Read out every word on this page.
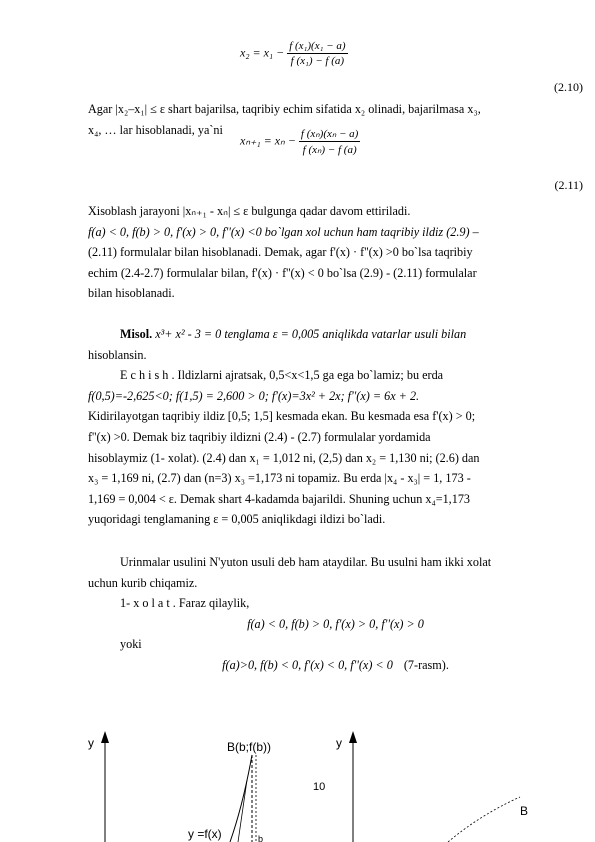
$x_2 = x_1 - \frac{\text{f (x₁)(x₁ − a)}}{\text{f (x₁) − f (a)}}$
(2.10)
Agar |x₂–x₁| ≤ ε shart bajarilsa, taqribiy echim sifatida x₂ olinadi, bajarilmasa x₃,
x₄, … lar hisoblanadi, ya`ni
$x_{n+1} = x_n - \frac{\text{f (xₙ)(xₙ − a)}}{\text{f (xₙ) − f (a)}}$
(2.11)
Xisoblash jarayoni |xₙ₊₁ - xₙ| ≤ ε bulgunga qadar davom ettiriladi.
f(a) < 0, f(b) > 0, f'(x) > 0, f''(x) <0 bo`lgan xol uchun ham taqribiy ildiz (2.9) –
(2.11) formulalar bilan hisoblanadi. Demak, agar f'(x) · f''(x) >0 bo`lsa taqribiy
echim (2.4-2.7) formulalar bilan, f'(x) · f''(x) < 0 bo`lsa (2.9) - (2.11) formulalar
bilan hisoblanadi.
Misol. x³+ x² - 3 = 0 tenglama ε = 0,005 aniqlikda vatarlar usuli bilan
hisoblansin.
E c h i s h . Ildizlarni ajratsak, 0,5<x<1,5 ga ega bo`lamiz; bu erda
f(0,5)=-2,625<0; f(1,5) = 2,600 > 0; f'(x)=3x² + 2x; f''(x) = 6x + 2.
Kidirilayotgan taqribiy ildiz [0,5; 1,5] kesmada ekan. Bu kesmada esa f'(x) > 0;
f''(x) >0. Demak biz taqribiy ildizni (2.4) - (2.7) formulalar yordamida
hisoblaymiz (1- xolat). (2.4) dan x₁ = 1,012 ni, (2,5) dan x₂ = 1,130 ni; (2.6) dan
x₃ = 1,169 ni, (2.7) dan (n=3) x₃ =1,173 ni topamiz. Bu erda |x₄ - x₃| = 1, 173 -
1,169 = 0,004 < ε. Demak shart 4-kadamda bajarildi. Shuning uchun x₄=1,173
yuqoridagi tenglamaning ε = 0,005 aniqlikdagi ildizi bo`ladi.
Urinmalar usulini N'yuton usuli deb ham ataydilar. Bu usulni ham ikki xolat
uchun kurib chiqamiz.
1- x o l a t . Faraz qilaylik,
f(a) < 0, f(b) > 0, f'(x) > 0, f''(x) > 0
yoki
f(a)>0, f(b) < 0, f'(x) < 0, f''(x) < 0 (7-rasm).
y	y
B(b;f(b))
y =f(x)	b
10
B
